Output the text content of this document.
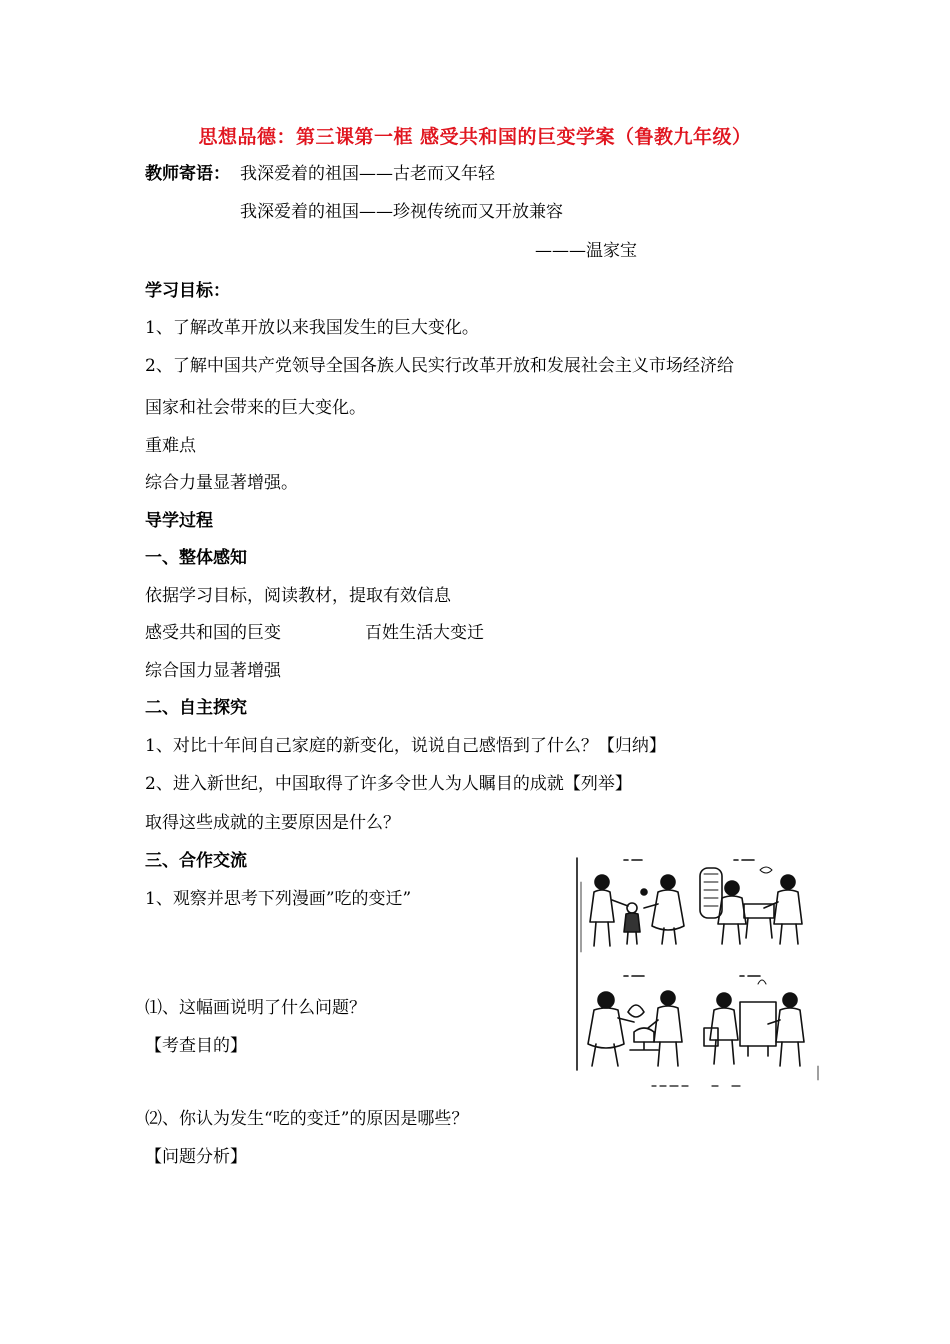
思想品德：第三课第一框 感受共和国的巨变学案（鲁教九年级）
教师寄语： 我深爱着的祖国——古老而又年轻
我深爱着的祖国——珍视传统而又开放兼容
———温家宝
学习目标：
1、了解改革开放以来我国发生的巨大变化。
2、了解中国共产党领导全国各族人民实行改革开放和发展社会主义市场经济给
国家和社会带来的巨大变化。
重难点
综合力量显著增强。
导学过程
一、整体感知
依据学习目标，阅读教材，提取有效信息
感受共和国的巨变	百姓生活大变迁
综合国力显著增强
二、自主探究
1、对比十年间自己家庭的新变化，说说自己感悟到了什么？【归纳】
2、进入新世纪，中国取得了许多令世人为人瞩目的成就【列举】
取得这些成就的主要原因是什么？
三、合作交流
1、观察并思考下列漫画”吃的变迁”
⑴、这幅画说明了什么问题？
【考查目的】
⑵、你认为发生“吃的变迁”的原因是哪些？
【问题分析】
